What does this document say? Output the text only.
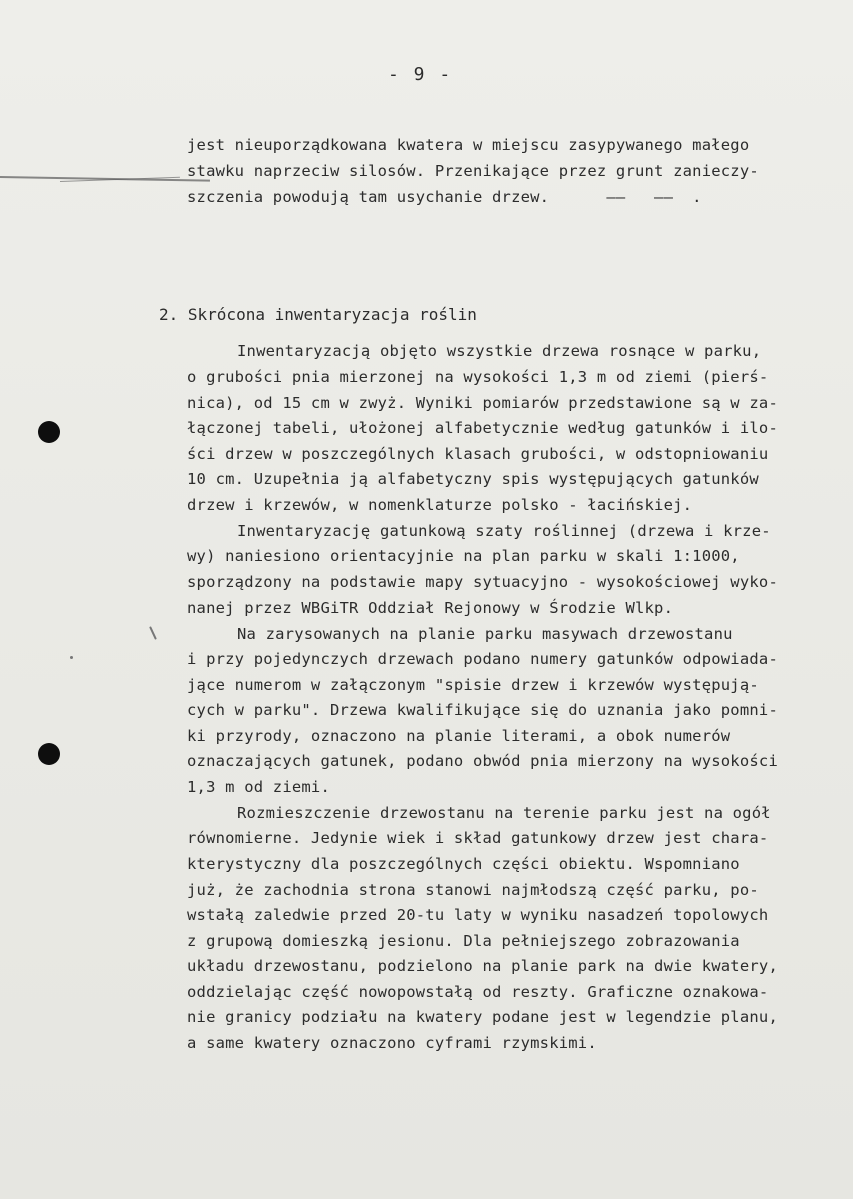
- 9 -
jest nieuporządkowana kwatera w miejscu zasypywanego małego
stawku naprzeciw silosów. Przenikające przez grunt zanieczy-
szczenia powodują tam usychanie drzew.      ——   ——  .
2. Skrócona inwentaryzacja roślin
Inwentaryzacją objęto wszystkie drzewa rosnące w parku,
o grubości pnia mierzonej na wysokości 1,3 m od ziemi (pierś-
nica), od 15 cm w zwyż. Wyniki pomiarów przedstawione są w za-
łączonej tabeli, ułożonej alfabetycznie według gatunków i ilo-
ści drzew w poszczególnych klasach grubości, w odstopniowaniu
10 cm. Uzupełnia ją alfabetyczny spis występujących gatunków
drzew i krzewów, w nomenklaturze polsko - łacińskiej.
Inwentaryzację gatunkową szaty roślinnej (drzewa i krze-
wy) naniesiono orientacyjnie na plan parku w skali 1:1000,
sporządzony na podstawie mapy sytuacyjno - wysokościowej wyko-
nanej przez WBGiTR Oddział Rejonowy w Środzie Wlkp.
Na zarysowanych na planie parku masywach drzewostanu
i przy pojedynczych drzewach podano numery gatunków odpowiada-
jące numerom w załączonym "spisie drzew i krzewów występują-
cych w parku". Drzewa kwalifikujące się do uznania jako pomni-
ki przyrody, oznaczono na planie literami, a obok numerów
oznaczających gatunek, podano obwód pnia mierzony na wysokości
1,3 m od ziemi.
Rozmieszczenie drzewostanu na terenie parku jest na ogół
równomierne. Jedynie wiek i skład gatunkowy drzew jest chara-
kterystyczny dla poszczególnych części obiektu. Wspomniano
już, że zachodnia strona stanowi najmłodszą część parku, po-
wstałą zaledwie przed 20-tu laty w wyniku nasadzeń topolowych
z grupową domieszką jesionu. Dla pełniejszego zobrazowania
układu drzewostanu, podzielono na planie park na dwie kwatery,
oddzielając część nowopowstałą od reszty. Graficzne oznakowa-
nie granicy podziału na kwatery podane jest w legendzie planu,
a same kwatery oznaczono cyframi rzymskimi.
